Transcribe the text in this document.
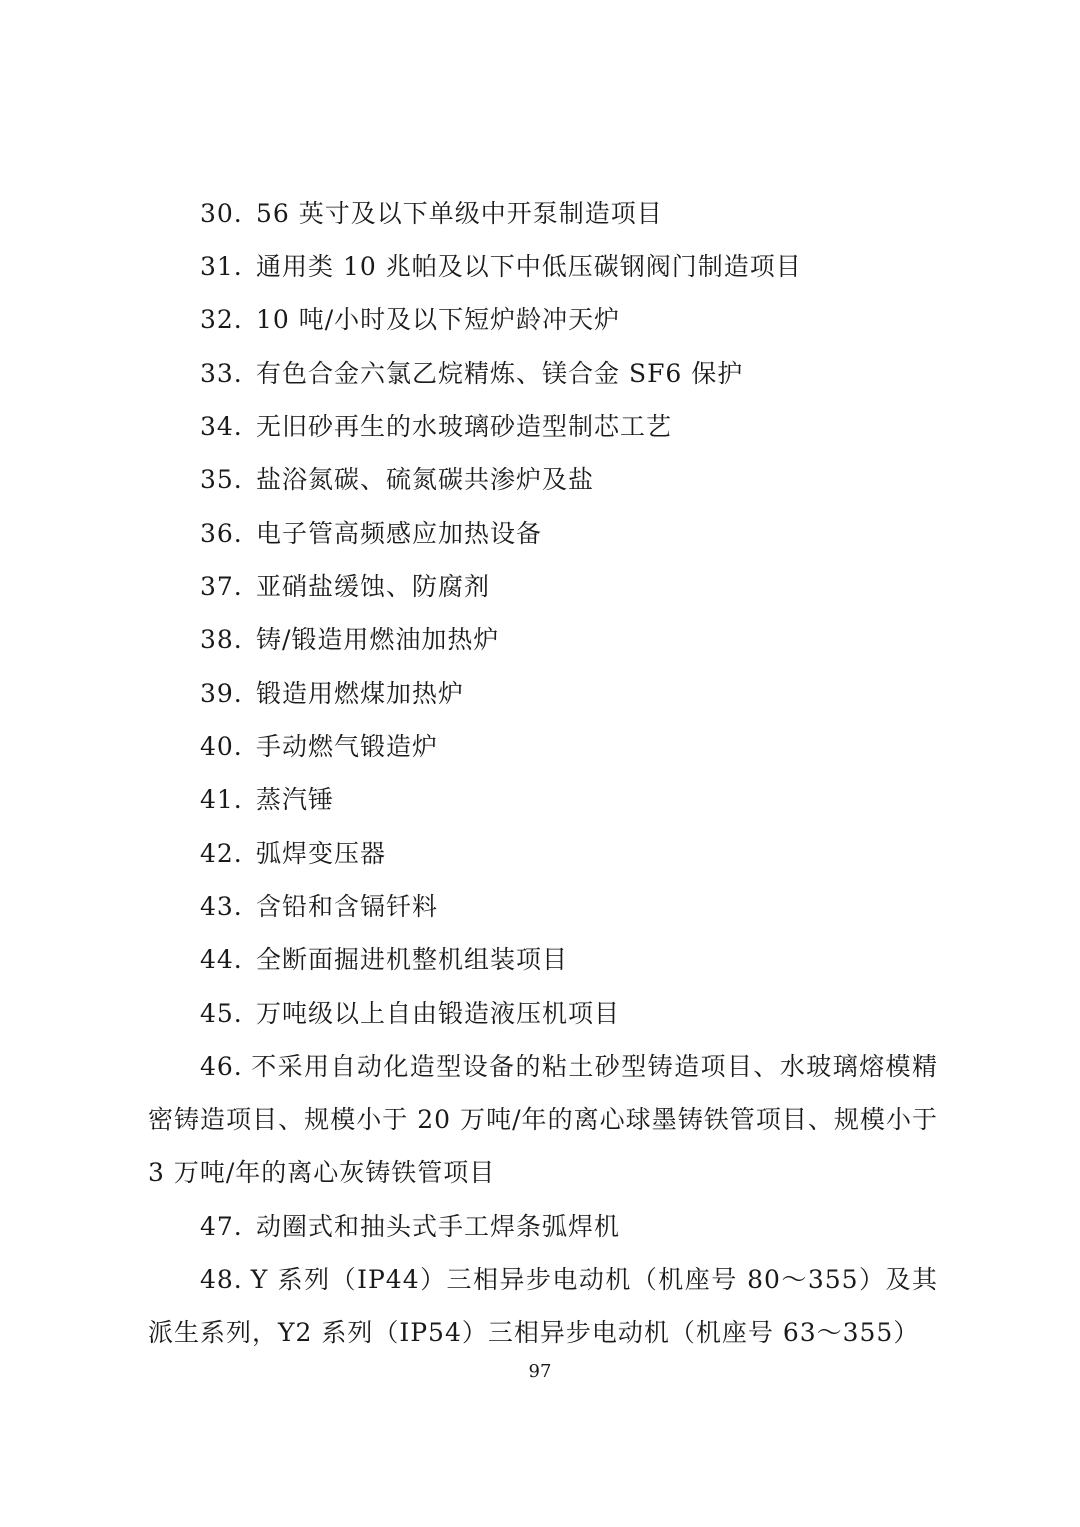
30. 56 英寸及以下单级中开泵制造项目
31. 通用类 10 兆帕及以下中低压碳钢阀门制造项目
32. 10 吨/小时及以下短炉龄冲天炉
33. 有色合金六氯乙烷精炼、镁合金 SF6 保护
34. 无旧砂再生的水玻璃砂造型制芯工艺
35. 盐浴氮碳、硫氮碳共渗炉及盐
36. 电子管高频感应加热设备
37. 亚硝盐缓蚀、防腐剂
38. 铸/锻造用燃油加热炉
39. 锻造用燃煤加热炉
40. 手动燃气锻造炉
41. 蒸汽锤
42. 弧焊变压器
43. 含铅和含镉钎料
44. 全断面掘进机整机组装项目
45. 万吨级以上自由锻造液压机项目
46. 不采用自动化造型设备的粘土砂型铸造项目、水玻璃熔模精密铸造项目、规模小于 20 万吨/年的离心球墨铸铁管项目、规模小于 3 万吨/年的离心灰铸铁管项目
47. 动圈式和抽头式手工焊条弧焊机
48. Y 系列（IP44）三相异步电动机（机座号 80～355）及其派生系列，Y2 系列（IP54）三相异步电动机（机座号 63～355）
97
